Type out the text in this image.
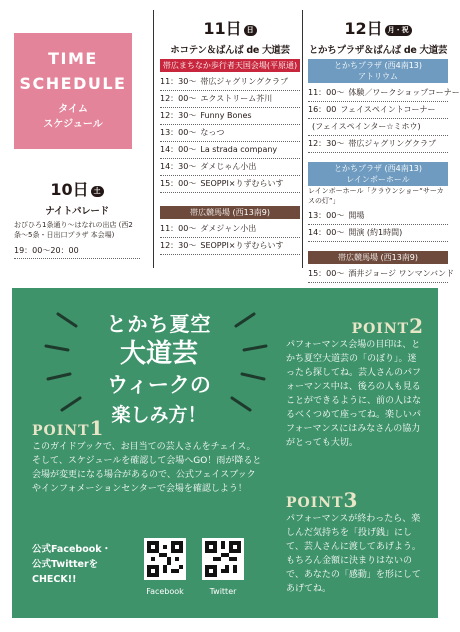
TIME
SCHEDULE
タイム
スケジュール
10日 土
ナイトパレード
おびひろ1条通り〜はなれの出店 (西2条〜5条・日出口プラザ 本会場)
19：00〜20：00
11日 日
ホコテン＆ばんば de 大道芸
帯広まちなか歩行者天国会場(平原通)
11：30〜 帯広ジャグリングクラブ
12：00〜 エクストリーム芥川
12：30〜 Funny Bones
13：00〜 なっつ
14：00〜 La strada company
14：30〜 ダメじゃん小出
15：00〜 SEOPPI×りずむらいす
帯広競馬場 (西13南9)
11：00〜 ダメジャン小出
12：30〜 SEOPPI×りずむらいす
12日 月・祝
とかちプラザ＆ばんば de 大道芸
とかちプラザ (西4南13)
アトリウム
11：00〜 体験／ワークショップコーナー
16：00 フェイスペイントコーナー
(フェイスペインター☆ミホウ)
12：30〜 帯広ジャグリングクラブ
とかちプラザ (西4南13)
レインボーホール
レインボーホール「クラウンショー“サーカスの灯”」
13：00〜 開場
14：00〜 開演 (約1時間)
帯広競馬場 (西13南9)
15：00〜 酒井ジョージ ワンマンバンド
とかち夏空
大道芸
ウィークの
楽しみ方！
POINT1
このガイドブックで、お目当ての芸人さんをチェイス。そして、スケジュールを確認して会場へGO！雨が降ると会場が変更になる場合があるので、公式フェイスブックやインフォメーションセンターで会場を確認しよう！
POINT2
パフォーマンス会場の目印は、とかち夏空大道芸の「のぼり」。迷ったら探してね。芸人さんのパフォーマンス中は、後ろの人も見ることができるように、前の人はなるべくつめて座ってね。楽しいパフォーマンスにはみなさんの協力がとっても大切。
POINT3
パフォーマンスが終わったら、楽しんだ気持ちを「投げ銭」にして、芸人さんに渡してあげよう。もちろん金額に決まりはないので、あなたの「感動」を形にしてあげてね。
公式Facebook・
公式Twitterを
CHECK!!
Facebook	Twitter
